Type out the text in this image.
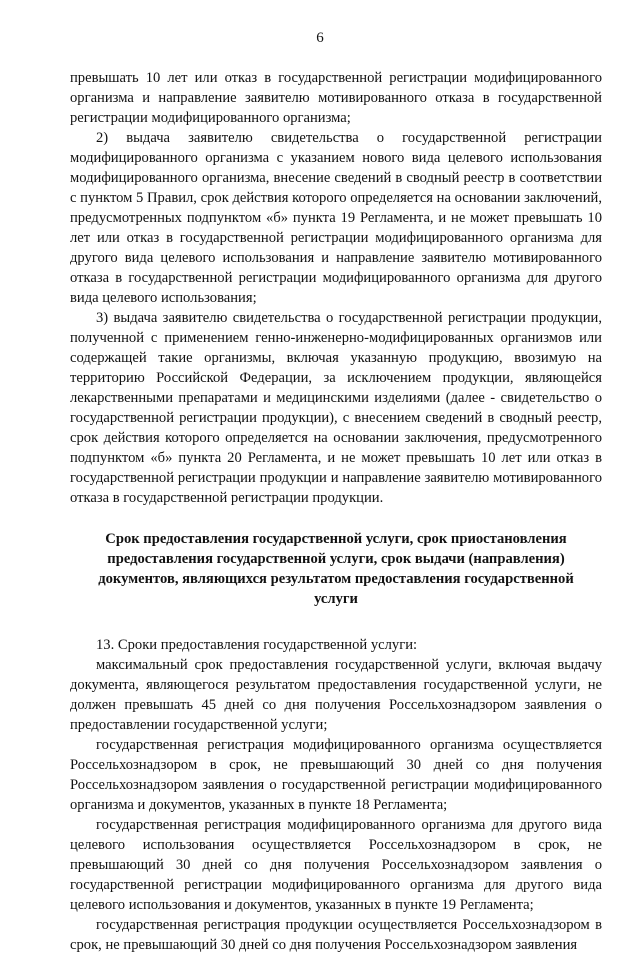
6

превышать 10 лет или отказ в государственной регистрации модифицированного организма и направление заявителю мотивированного отказа в государственной регистрации модифицированного организма;

2) выдача заявителю свидетельства о государственной регистрации модифицированного организма с указанием нового вида целевого использования модифицированного организма, внесение сведений в сводный реестр в соответствии с пунктом 5 Правил, срок действия которого определяется на основании заключений, предусмотренных подпунктом «б» пункта 19 Регламента, и не может превышать 10 лет или отказ в государственной регистрации модифицированного организма для другого вида целевого использования и направление заявителю мотивированного отказа в государственной регистрации модифицированного организма для другого вида целевого использования;

3) выдача заявителю свидетельства о государственной регистрации продукции, полученной с применением генно-инженерно-модифицированных организмов или содержащей такие организмы, включая указанную продукцию, ввозимую на территорию Российской Федерации, за исключением продукции, являющейся лекарственными препаратами и медицинскими изделиями (далее - свидетельство о государственной регистрации продукции), с внесением сведений в сводный реестр, срок действия которого определяется на основании заключения, предусмотренного подпунктом «б» пункта 20 Регламента, и не может превышать 10 лет или отказ в государственной регистрации продукции и направление заявителю мотивированного отказа в государственной регистрации продукции.

Срок предоставления государственной услуги, срок приостановления предоставления государственной услуги, срок выдачи (направления) документов, являющихся результатом предоставления государственной услуги

13. Сроки предоставления государственной услуги:

максимальный срок предоставления государственной услуги, включая выдачу документа, являющегося результатом предоставления государственной услуги, не должен превышать 45 дней со дня получения Россельхознадзором заявления о предоставлении государственной услуги;

государственная регистрация модифицированного организма осуществляется Россельхознадзором в срок, не превышающий 30 дней со дня получения Россельхознадзором заявления о государственной регистрации модифицированного организма и документов, указанных в пункте 18 Регламента;

государственная регистрация модифицированного организма для другого вида целевого использования осуществляется Россельхознадзором в срок, не превышающий 30 дней со дня получения Россельхознадзором заявления о государственной регистрации модифицированного организма для другого вида целевого использования и документов, указанных в пункте 19 Регламента;

государственная регистрация продукции осуществляется Россельхознадзором в срок, не превышающий 30 дней со дня получения Россельхознадзором заявления
